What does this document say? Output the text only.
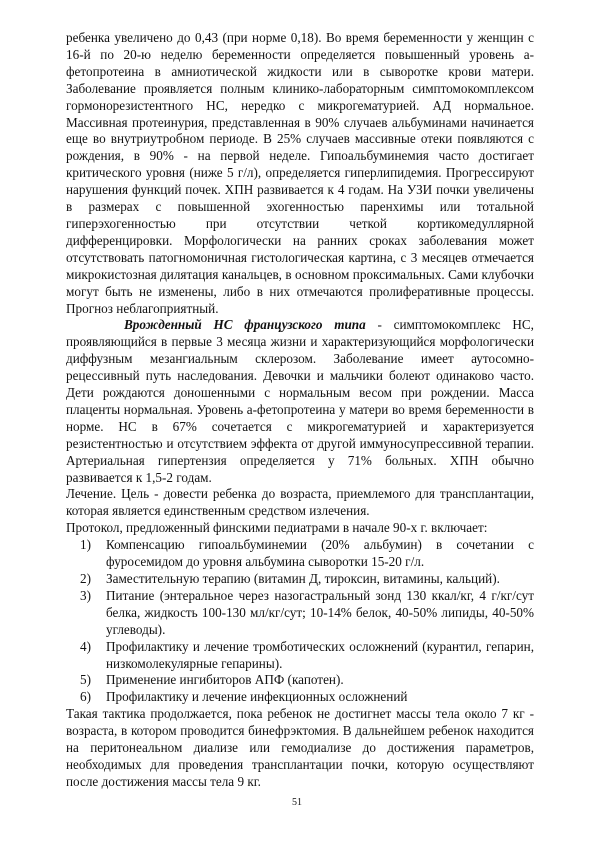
ребенка увеличено до 0,43 (при норме 0,18). Во время беременности у женщин с 16-й по 20-ю неделю беременности определяется повышенный уровень а-фетопротеина в амниотической жидкости или в сыворотке крови матери. Заболевание проявляется полным клинико-лабораторным симптомокомплексом гормонорезистентного НС, нередко с микрогематурией. АД нормальное. Массивная протеинурия, представленная в 90% случаев альбуминами начинается еще во внутриутробном периоде. В 25% случаев массивные отеки появляются с рождения, в 90% - на первой неделе. Гипоальбуминемия часто достигает критического уровня (ниже 5 г/л), определяется гиперлипидемия. Прогрессируют нарушения функций почек. ХПН развивается к 4 годам. На УЗИ почки увеличены в размерах с повышенной эхогенностью паренхимы или тотальной гиперэхогенностью при отсутствии четкой кортикомедуллярной дифференцировки. Морфологически на ранних сроках заболевания может отсутствовать патогномоничная гистологическая картина, с 3 месяцев отмечается микрокистозная дилятация канальцев, в основном проксимальных. Сами клубочки могут быть не изменены, либо в них отмечаются пролиферативные процессы. Прогноз неблагоприятный.

Врожденный НС французского типа - симптомокомплекс НС, проявляющийся в первые 3 месяца жизни и характеризующийся морфологически диффузным мезангиальным склерозом. Заболевание имеет аутосомно-рецессивный путь наследования. Девочки и мальчики болеют одинаково часто. Дети рождаются доношенными с нормальным весом при рождении. Масса плаценты нормальная. Уровень а-фетопротеина у матери во время беременности в норме. НС в 67% сочетается с микрогематурией и характеризуется резистентностью и отсутствием эффекта от другой иммуносупрессивной терапии. Артериальная гипертензия определяется у 71% больных. ХПН обычно развивается к 1,5-2 годам.

Лечение. Цель - довести ребенка до возраста, приемлемого для трансплантации, которая является единственным средством излечения.

Протокол, предложенный финскими педиатрами в начале 90-х г. включает:

1) Компенсацию гипоальбуминемии (20% альбумин) в сочетании с фуросемидом до уровня альбумина сыворотки 15-20 г/л.
2) Заместительную терапию (витамин Д, тироксин, витамины, кальций).
3) Питание (энтеральное через назогастральный зонд 130 ккал/кг, 4 г/кг/сут белка, жидкость 100-130 мл/кг/сут; 10-14% белок, 40-50% липиды, 40-50% углеводы).
4) Профилактику и лечение тромботических осложнений (курантил, гепарин, низкомолекулярные гепарины).
5) Применение ингибиторов АПФ (капотен).
6) Профилактику и лечение инфекционных осложнений

Такая тактика продолжается, пока ребенок не достигнет массы тела около 7 кг - возраста, в котором проводится бинефрэктомия. В дальнейшем ребенок находится на перитонеальном диализе или гемодиализе до достижения параметров, необходимых для проведения трансплантации почки, которую осуществляют после достижения массы тела 9 кг.

51
